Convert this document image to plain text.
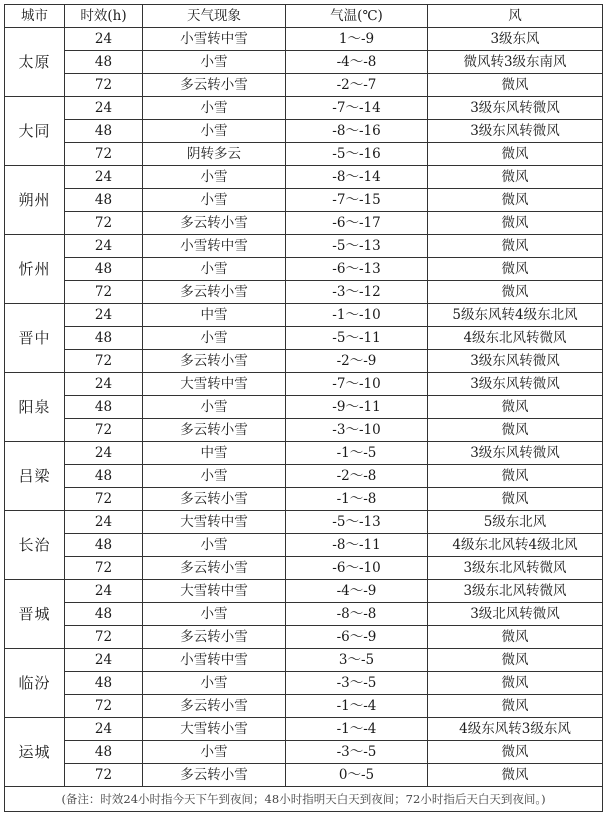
城市	时效(h)	天气现象	气温(℃)	风
太原	24	小雪转中雪	1～-9	3级东风
	48	小雪	-4～-8	微风转3级东南风
	72	多云转小雪	-2～-7	微风
大同	24	小雪	-7～-14	3级东风转微风
	48	小雪	-8～-16	3级东风转微风
	72	阴转多云	-5～-16	微风
朔州	24	小雪	-8～-14	微风
	48	小雪	-7～-15	微风
	72	多云转小雪	-6～-17	微风
忻州	24	小雪转中雪	-5～-13	微风
	48	小雪	-6～-13	微风
	72	多云转小雪	-3～-12	微风
晋中	24	中雪	-1～-10	5级东风转4级东北风
	48	小雪	-5～-11	4级东北风转微风
	72	多云转小雪	-2～-9	3级东风转微风
阳泉	24	大雪转中雪	-7～-10	3级东风转微风
	48	小雪	-9～-11	微风
	72	多云转小雪	-3～-10	微风
吕梁	24	中雪	-1～-5	3级东风转微风
	48	小雪	-2～-8	微风
	72	多云转小雪	-1～-8	微风
长治	24	大雪转中雪	-5～-13	5级东北风
	48	小雪	-8～-11	4级东北风转4级北风
	72	多云转小雪	-6～-10	3级东北风转微风
晋城	24	大雪转中雪	-4～-9	3级东北风转微风
	48	小雪	-8～-8	3级北风转微风
	72	多云转小雪	-6～-9	微风
临汾	24	小雪转中雪	3～-5	微风
	48	小雪	-3～-5	微风
	72	多云转小雪	-1～-4	微风
运城	24	大雪转小雪	-1～-4	4级东风转3级东风
	48	小雪	-3～-5	微风
	72	多云转小雪	0～-5	微风
(备注：时效24小时指今天下午到夜间；48小时指明天白天到夜间；72小时指后天白天到夜间。)				
